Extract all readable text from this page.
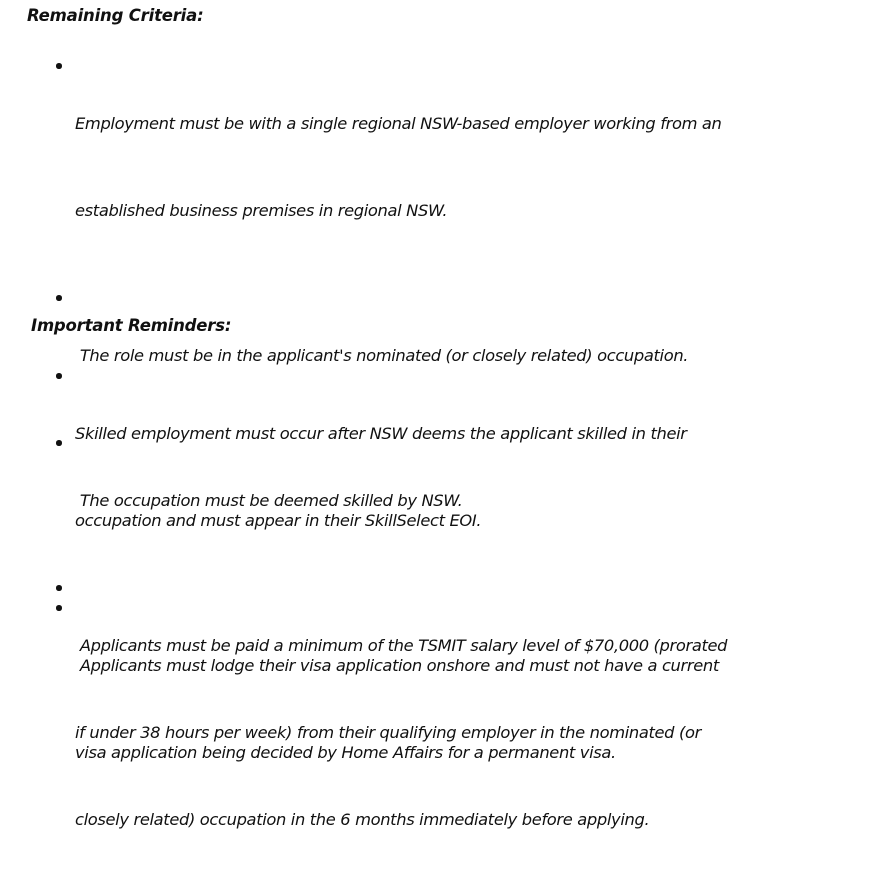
Remaining Criteria:

Employment must be with a single regional NSW-based employer working from an

established business premises in regional NSW.

The role must be in the applicant's nominated (or closely related) occupation.

The occupation must be deemed skilled by NSW.

Applicants must be paid a minimum of the TSMIT salary level of $70,000 (prorated

if under 38 hours per week) from their qualifying employer in the nominated (or

closely related) occupation in the 6 months immediately before applying.

Important Reminders:

Skilled employment must occur after NSW deems the applicant skilled in their

occupation and must appear in their SkillSelect EOI.

Applicants must lodge their visa application onshore and must not have a current

visa application being decided by Home Affairs for a permanent visa.
